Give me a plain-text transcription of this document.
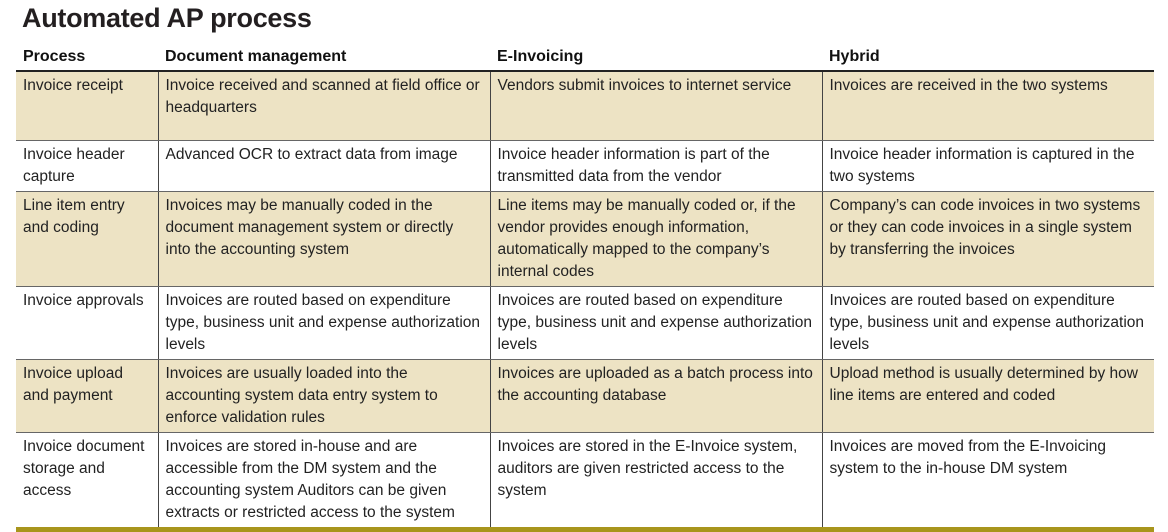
Automated AP process
Process	Document management	E-Invoicing	Hybrid
Invoice receipt	Invoice received and scanned at field office or headquarters	Vendors submit invoices to internet service	Invoices are received in the two systems
Invoice header capture	Advanced OCR to extract data from image	Invoice header information is part of the transmitted data from the vendor	Invoice header information is captured in the two systems
Line item entry and coding	Invoices may be manually coded in the document management system or directly into the accounting system	Line items may be manually coded or, if the vendor provides enough information, automatically mapped to the company’s internal codes	Company’s can code invoices in two systems or they can code invoices in a single system by transferring the invoices
Invoice approvals	Invoices are routed based on expenditure type, business unit and expense authorization levels	Invoices are routed based on expenditure type, business unit and expense authorization levels	Invoices are routed based on expenditure type, business unit and expense authorization levels
Invoice upload and payment	Invoices are usually loaded into the accounting system data entry system to enforce validation rules	Invoices are uploaded as a batch process into the accounting database	Upload method is usually determined by how line items are entered and coded
Invoice document storage and access	Invoices are stored in-house and are accessible from the DM system and the accounting system Auditors can be given extracts or restricted access to the system	Invoices are stored in the E-Invoice system, auditors are given restricted access to the system	Invoices are moved from the E-Invoicing system to the in-house DM system
